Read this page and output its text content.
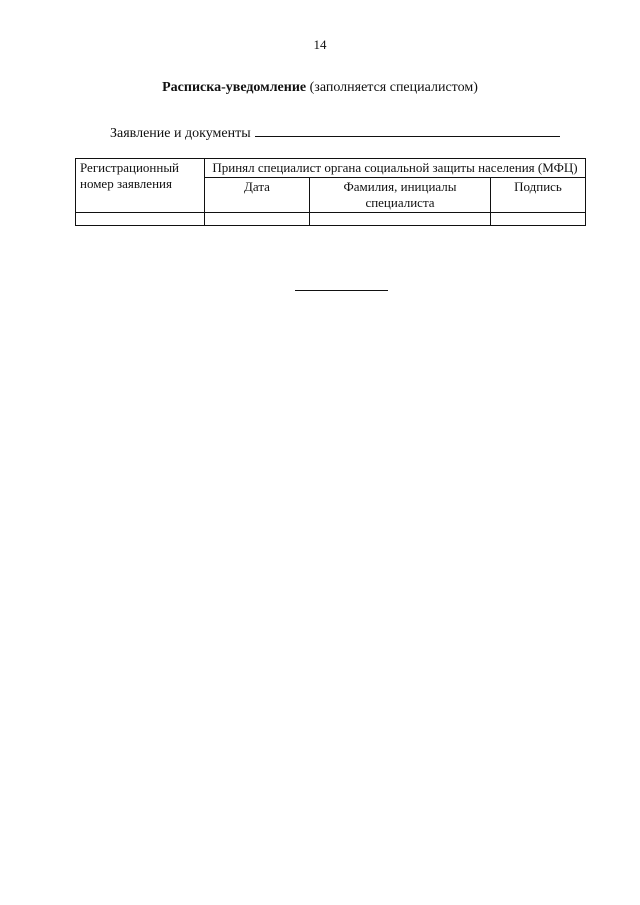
14
Расписка-уведомление (заполняется специалистом)
Заявление и документы
Регистрационный номер заявления	Принял специалист органа социальной защиты населения (МФЦ)		
	Дата	Фамилия, инициалы специалиста	Подпись
